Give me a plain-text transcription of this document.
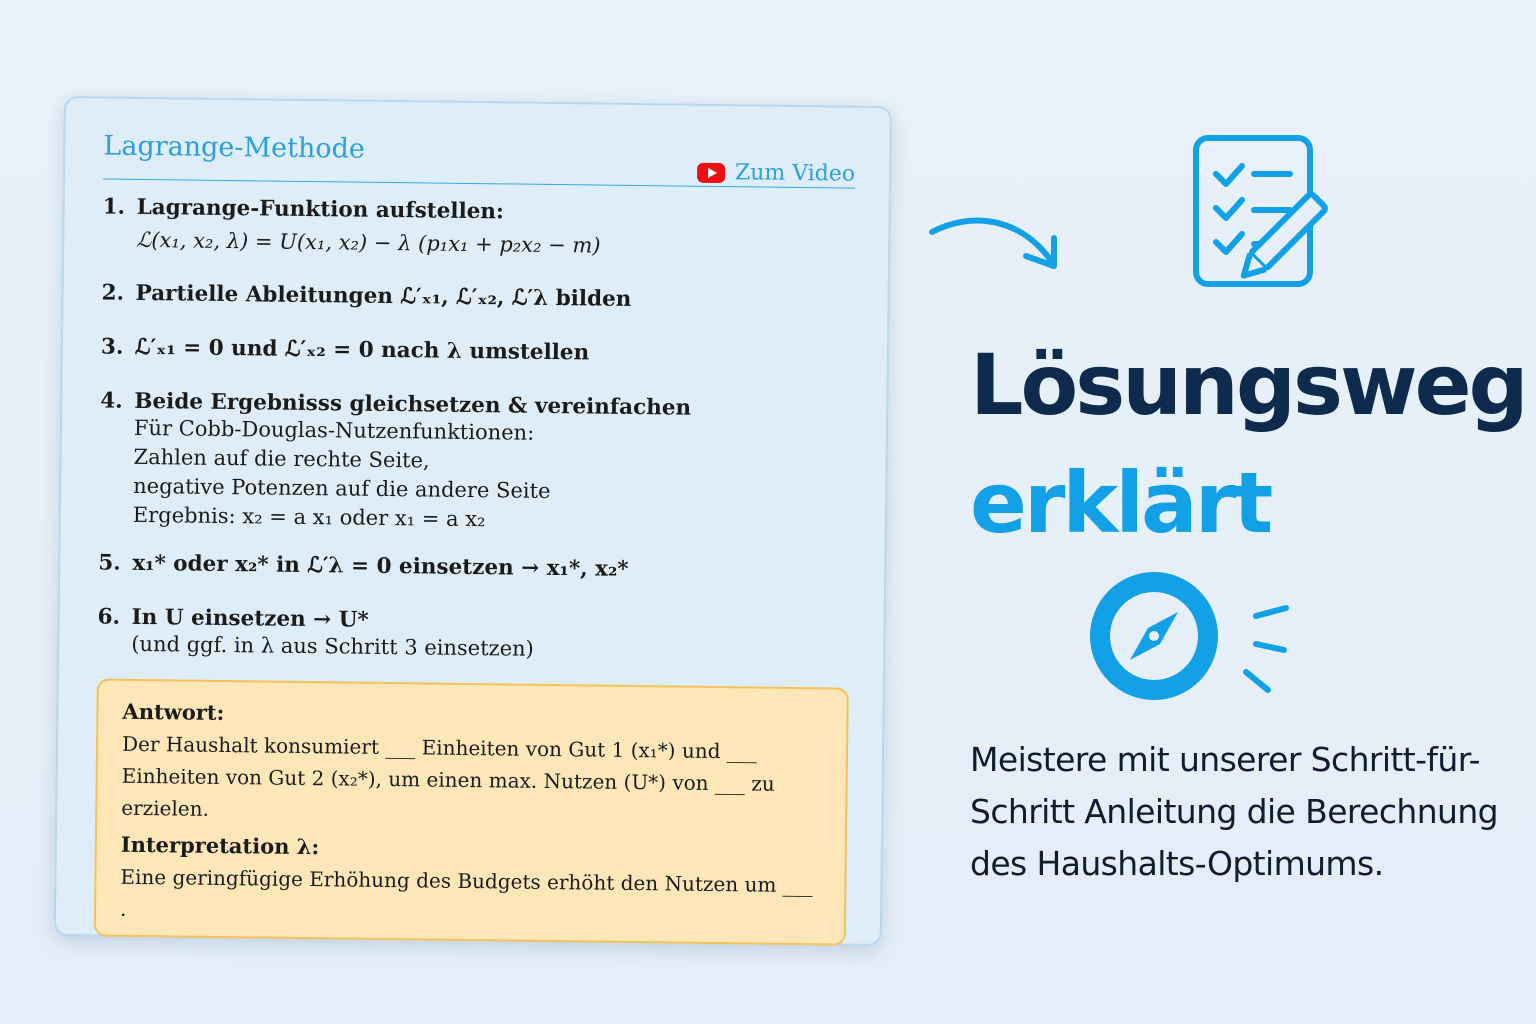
Lagrange-Methode
Zum Video
1. Lagrange-Funktion aufstellen:
ℒ(x₁, x₂, λ) = U(x₁, x₂) − λ (p₁x₁ + p₂x₂ − m)
2. Partielle Ableitungen ℒ′ₓ₁, ℒ′ₓ₂, ℒ′λ bilden
3. ℒ′ₓ₁ = 0 und ℒ′ₓ₂ = 0 nach λ umstellen
4. Beide Ergebnisss gleichsetzen & vereinfachen
Für Cobb-Douglas-Nutzenfunktionen:
Zahlen auf die rechte Seite,
negative Potenzen auf die andere Seite
Ergebnis: x₂ = a x₁ oder x₁ = a x₂
5. x₁* oder x₂* in ℒ′λ = 0 einsetzen → x₁*, x₂*
6. In U einsetzen → U*
(und ggf. in λ aus Schritt 3 einsetzen)
Antwort:
Der Haushalt konsumiert ___ Einheiten von Gut 1 (x₁*) und ___ Einheiten von Gut 2 (x₂*), um einen max. Nutzen (U*) von ___ zu erzielen.
Interpretation λ:
Eine geringfügige Erhöhung des Budgets erhöht den Nutzen um ___ .
Lösungsweg
erklärt
Meistere mit unserer Schritt-für-Schritt Anleitung die Berechnung des Haushalts-Optimums.
